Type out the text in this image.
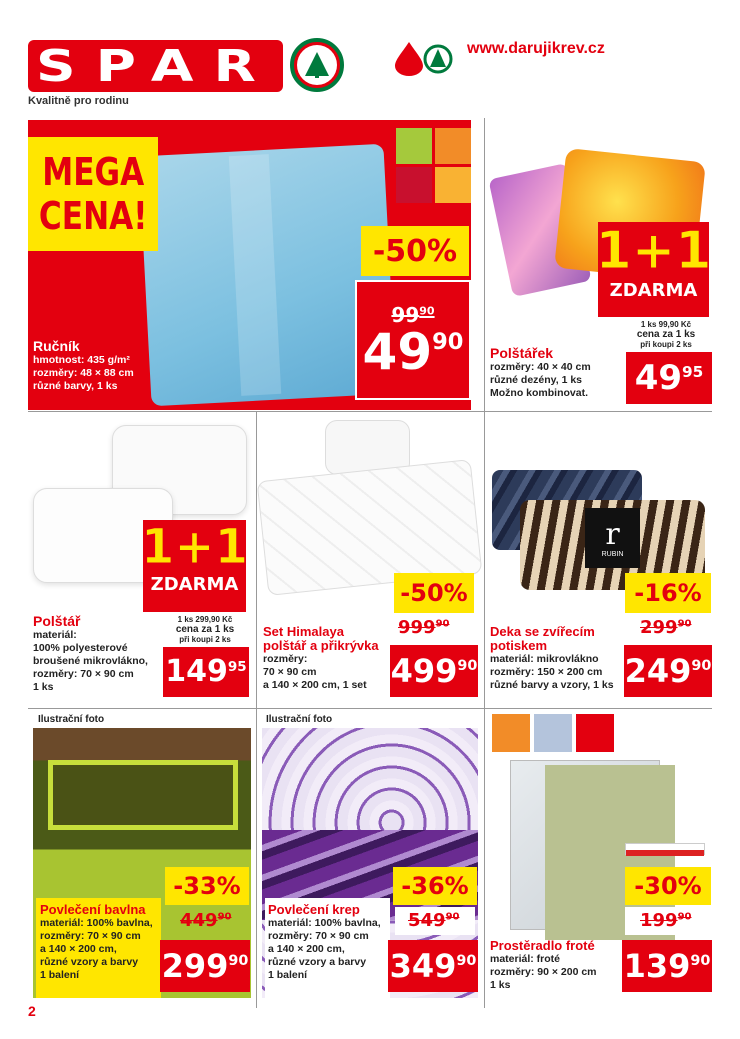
SPAR
Kvalitně pro rodinu
www.darujikrev.cz
MEGA
CENA!
-50%
$99^{90}$
$49^{90}$
Ručník
hmotnost: 435 g/m²
rozměry: 48 × 88 cm
různé barvy, 1 ks
1+1
ZDARMA
1 ks 99,90 Kč
cena za 1 ks
při koupi 2 ks
$49^{95}$
Polštářek
rozměry: 40 × 40 cm
různé dezény, 1 ks
Možno kombinovat.
1+1
ZDARMA
1 ks 299,90 Kč
cena za 1 ks
při koupi 2 ks
$149^{95}$
Polštář
materiál:
100% polyesterové
broušené mikrovlákno,
rozměry: 70 × 90 cm
1 ks
-50%
$999^{90}$
$499^{90}$
Set Himalaya
polštář a přikrývka
rozměry:
70 × 90 cm
a 140 × 200 cm, 1 set
r
RUBIN
-16%
$299^{90}$
$249^{90}$
Deka se zvířecím
potiskem
materiál: mikrovlákno
rozměry: 150 × 200 cm
různé barvy a vzory, 1 ks
Ilustrační foto
-33%
Povlečení bavlna
materiál: 100% bavlna,
rozměry: 70 × 90 cm
a 140 × 200 cm,
různé vzory a barvy
1 balení
$449^{90}$
$299^{90}$
Ilustrační foto
-36%
Povlečení krep
materiál: 100% bavlna,
rozměry: 70 × 90 cm
a 140 × 200 cm,
různé vzory a barvy
1 balení
$549^{90}$
$349^{90}$
-30%
$199^{90}$
$139^{90}$
Prostěradlo froté
materiál: froté
rozměry: 90 × 200 cm
1 ks
2
